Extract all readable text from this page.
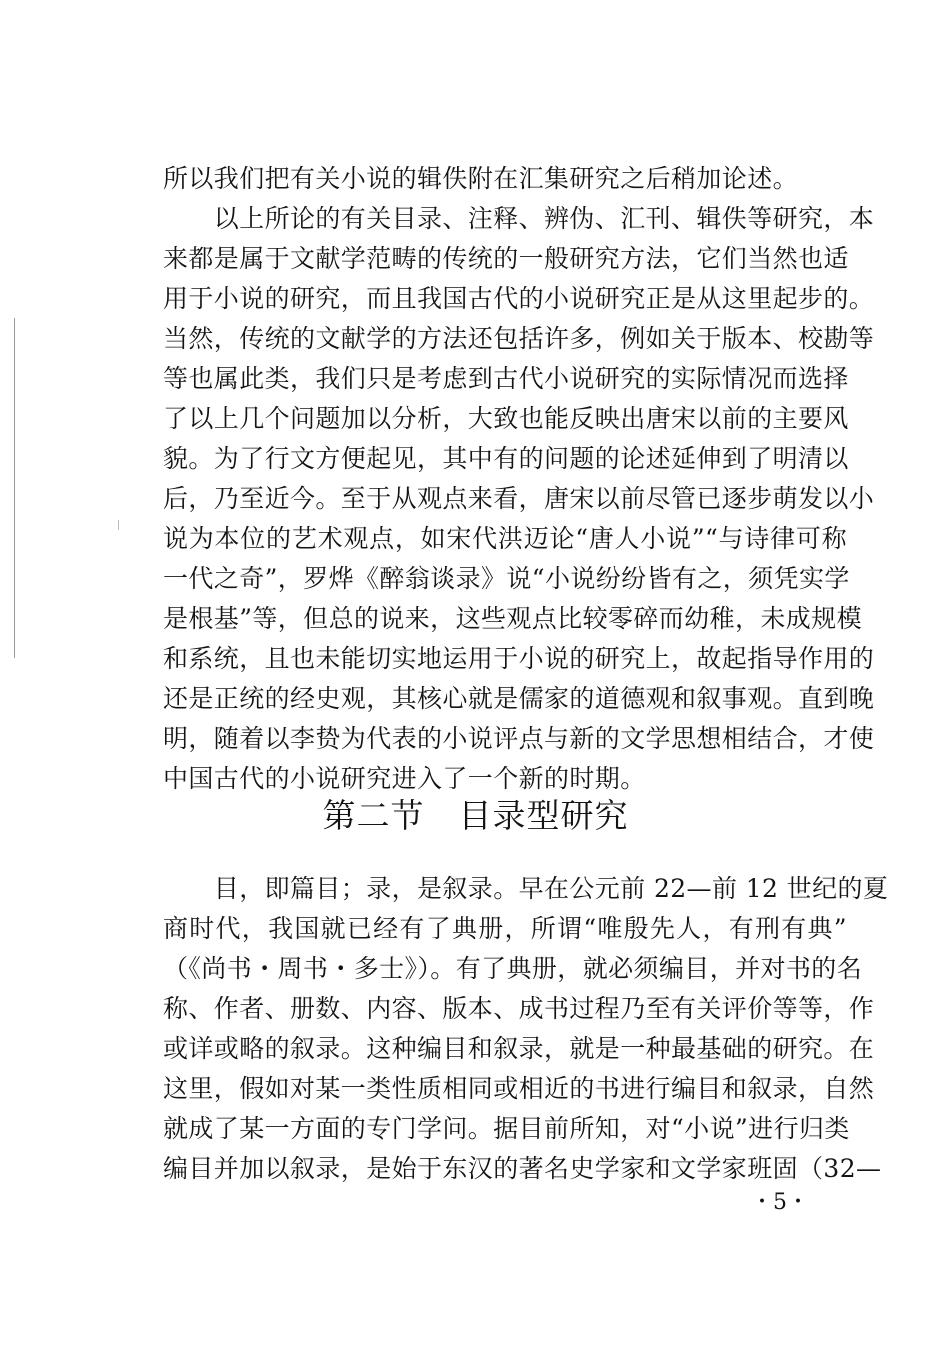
所以我们把有关小说的辑佚附在汇集研究之后稍加论述。
　　以上所论的有关目录、注释、辨伪、汇刊、辑佚等研究，本
来都是属于文献学范畴的传统的一般研究方法，它们当然也适
用于小说的研究，而且我国古代的小说研究正是从这里起步的。
当然，传统的文献学的方法还包括许多，例如关于版本、校勘等
等也属此类，我们只是考虑到古代小说研究的实际情况而选择
了以上几个问题加以分析，大致也能反映出唐宋以前的主要风
貌。为了行文方便起见，其中有的问题的论述延伸到了明清以
后，乃至近今。至于从观点来看，唐宋以前尽管已逐步萌发以小
说为本位的艺术观点，如宋代洪迈论“唐人小说”“与诗律可称
一代之奇”，罗烨《醉翁谈录》说“小说纷纷皆有之，须凭实学
是根基”等，但总的说来，这些观点比较零碎而幼稚，未成规模
和系统，且也未能切实地运用于小说的研究上，故起指导作用的
还是正统的经史观，其核心就是儒家的道德观和叙事观。直到晚
明，随着以李贽为代表的小说评点与新的文学思想相结合，才使
中国古代的小说研究进入了一个新的时期。
第二节　目录型研究
　　目，即篇目；录，是叙录。早在公元前 22—前 12 世纪的夏
商时代，我国就已经有了典册，所谓“唯殷先人，有刑有典”
（《尚书・周书・多士》）。有了典册，就必须编目，并对书的名
称、作者、册数、内容、版本、成书过程乃至有关评价等等，作
或详或略的叙录。这种编目和叙录，就是一种最基础的研究。在
这里，假如对某一类性质相同或相近的书进行编目和叙录，自然
就成了某一方面的专门学问。据目前所知，对“小说”进行归类
编目并加以叙录，是始于东汉的著名史学家和文学家班固（32—
・5・
